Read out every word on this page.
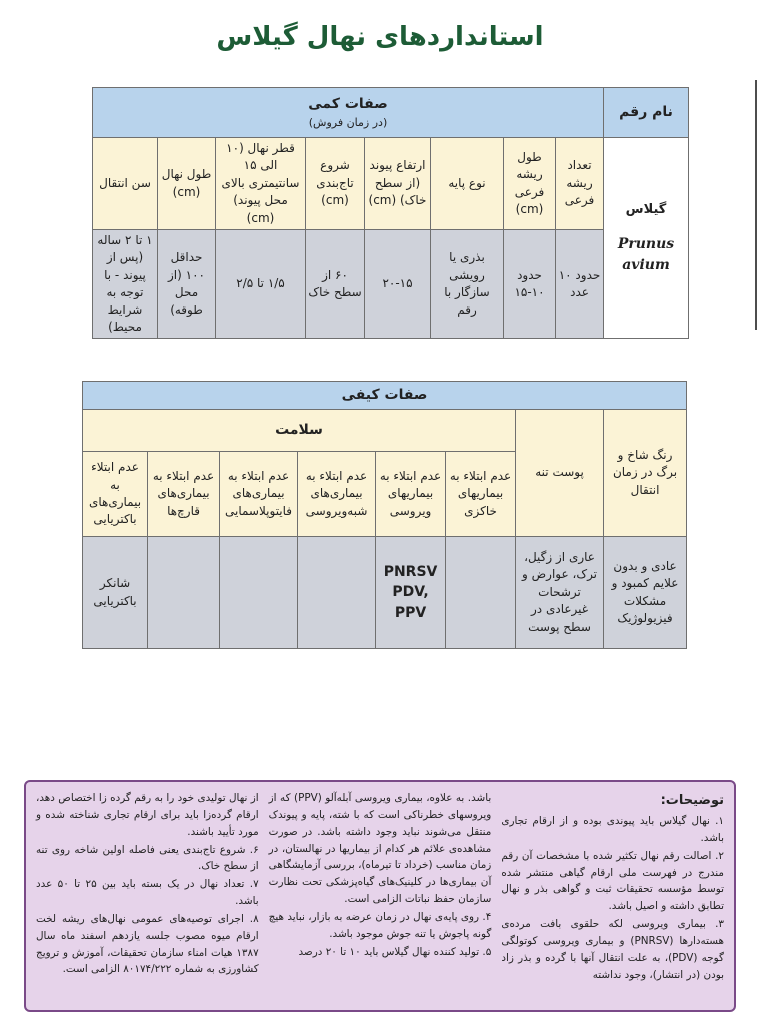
استانداردهای نهال گیلاس
نام رقم	صفات کمی
(در زمان فروش)							

گیلاس
Prunus avium	تعداد ریشه فرعی	طول ریشه فرعی (cm)	نوع پایه	ارتفاع پیوند (از سطح خاک) (cm)	شروع تاج‌بندی (cm)	قطر نهال (۱۰ الی ۱۵ سانتیمتری بالای محل پیوند) (cm)	طول نهال (cm)	سن انتقال
	حدود ۱۰ عدد	حدود ۱۰-۱۵	بذری یا رویشی سازگار با رقم	۲۰-۱۵	۶۰ از سطح خاک	۱/۵ تا ۲/۵	حداقل ۱۰۰ (از محل طوقه)	۱ تا ۲ ساله (پس از پیوند - با توجه به شرایط محیط)
صفات کیفی							
رنگ شاخ و برگ در زمان انتقال	پوست تنه	سلامت					
		عدم ابتلاء به بیماریهای خاکزی	عدم ابتلاء به بیماریهای ویروسی	عدم ابتلاء به بیماری‌های شبه‌ویروسی	عدم ابتلاء به بیماری‌های فایتوپلاسمایی	عدم ابتلاء به بیماری‌های قارچ‌ها	عدم ابتلاء به بیماری‌های باکتریایی
عادی و بدون علایم کمبود و مشکلات فیزیولوژیک	عاری از زگیل، ترک، عوارض و ترشحات غیرعادی در سطح پوست		PNRSV PDV, PPV				شانکر باکتریایی
توضیحات:

۱. نهال گیلاس باید پیوندی بوده و از ارقام تجاری باشد.

۲. اصالت رقم نهال تکثیر شده با مشخصات آن رقم مندرج در فهرست ملی ارقام گیاهی منتشر شده توسط مؤسسه تحقیقات ثبت و گواهی بذر و نهال تطابق داشته و اصیل باشد.

۳. بیماری ویروسی لکه حلقوی بافت مرده‌ی هسته‌دارها (PNRSV) و بیماری ویروسی کوتولگی گوجه (PDV)، به علت انتقال آنها با گرده و بذر زاد بودن (در انتشار)، وجود نداشته

باشد. به علاوه، بیماری ویروسی آبله‌آلو (PPV) که از ویروسهای خطرناکی است که با شته، پایه و پیوندک منتقل می‌شوند نباید وجود داشته باشد. در صورت مشاهده‌ی علائم هر کدام از بیماریها در نهالستان، در زمان مناسب (خرداد تا تیرماه)، بررسی آزمایشگاهی آن بیماری‌ها در کلینیک‌های گیاه‌پزشکی تحت نظارت سازمان حفظ نباتات الزامی است.

۴. روی پایه‌ی نهال در زمان عرضه به بازار، نباید هیچ گونه پاجوش یا تنه جوش موجود باشد.

۵. تولید کننده نهال گیلاس باید ۱۰ تا ۲۰ درصد

از نهال تولیدی خود را به رقم گرده زا اختصاص دهد، ارقام گرده‌زا باید برای ارقام تجاری شناخته شده و مورد تأیید باشند.

۶. شروع تاج‌بندی یعنی فاصله اولین شاخه روی تنه از سطح خاک.

۷. تعداد نهال در یک بسته باید بین ۲۵ تا ۵۰ عدد باشد.

۸. اجرای توصیه‌های عمومی نهال‌های ریشه لخت ارقام میوه مصوب جلسه یازدهم اسفند ماه سال ۱۳۸۷ هیات امناء سازمان تحقیقات، آموزش و ترویج کشاورزی به شماره ۸۰۱۷۴/۲۲۲ الزامی است.
